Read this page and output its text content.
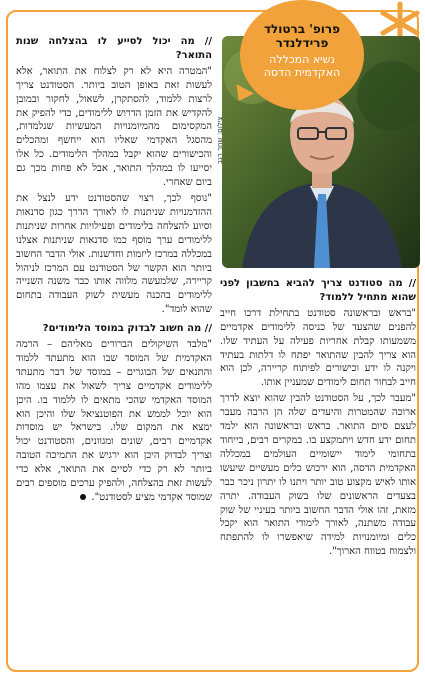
צילום: שחר רגב
פרופ' ברטולד פרידלנדר
נשיא המכללה האקדמית הדסה

// מה סטודנט צריך להביא בחשבון לפני שהוא מתחיל ללמוד?

"בראש ובראשונה סטודנט בתחילת דרכו חייב להפנים שהצעד של כניסה ללימודים אקדמיים משמעותו קבלת אחריות פעילה על העתיד שלו. הוא צריך להבין שהתואר יפתח לו דלתות בעתיד ויקנה לו ידע וכישורים לפיתוח קריירה, לכן הוא חייב לבחור תחום לימודים שמעניין אותו.

"מעבר לכך, על הסטודנט להבין שהוא יוצא לדרך ארוכה שהמטרות והיעדים שלה הן הרבה מעבר לעצם סיום התואר. בראש ובראשונה הוא ילמד תחום ידע חדש ויתמקצע בו. במקרים רבים, בייחוד בתחומי לימוד יישומיים העולמים במכללה האקדמית הדסה, הוא ירכוש כלים מעשיים שיעשו אותו לאיש מקצוע טוב יותר ויתנו לו יתרון ניכר כבר בצעדים הראשונים שלו בשוק העבודה. יתרה מזאת, זהו אולי הדבר החשוב ביותר בעיניי של שוק עבודה משתנה, לאורך לימודי התואר הוא יקבל כלים ומיומנויות למידה שיאפשרו לו להתפתח ולצמוח בטווח הארוך".

// מה יכול לסייע לו בהצלחה שנות התואר?

"המטרה היא לא רק לצלוח את התואר, אלא לעשות זאת באופן הטוב ביותר. הסטודנט צריך לרצות ללמוד, להסתקרן, לשאול, לחקור ובמובן להקדיש את הזמן הדרוש ללימודים, כדי להפיק את המקסימום מהמיומנויות המעשיות שנלמדות, מהסגל האקדמי שאליו הוא ייחשף ומהכלים והכישורים שהוא יקבל במהלך הלימודים. כל אלו יסייעו לו במהלך התואר, אבל לא פחות מכך גם ביום שאחרי.

"נוסף לכך, רצוי שהסטודנט ידע לנצל את ההזדמנויות שניתנות לו לאורך הדרך כגון סדנאות וסיוע להצלחה בלימודים ופעילויות אחרות שניתנות ללימודים ערך מוסף כמו סדנאות שניתנות אצלנו במכללה במרכז ליזמות וחדשנות. אולי הדבר החשוב ביותר הוא הקשר של הסטודנט עם המרכז לניהול קריירה, שלמעשה מלווה אותו כבר משנה השנייה ללימודים בהכנה מעשית לשוק העבודה בתחום שהוא לומד".

// מה חשוב לבדוק במוסד הלימודים?

"מלבד השיקולים הברורים מאליהם – הרמה האקדמית של המוסד שבו הוא מתעתד ללמוד והתנאים של הבוגרים – במוסד של דבר מתעתד ללימודים אקדמיים צריך לשאול את עצמו מהו המוסד האקדמי שהכי מתאים לו ללמוד בו. היכן הוא יוכל לממש את הפוטנציאל שלו והיכן הוא ימצא את המקום שלו. בישראל יש מוסדות אקדמיים רבים, שונים ומגוונים, והסטודנט יכול וצריך לבדוק היכן הוא ירגיש את התמיכה הטובה ביותר לא רק כדי לסיים את התואר, אלא כדי לעשות זאת בהצלחה, ולהפיק ערכים מוספים רבים שמוסד אקדמי מציע לסטודנט".
